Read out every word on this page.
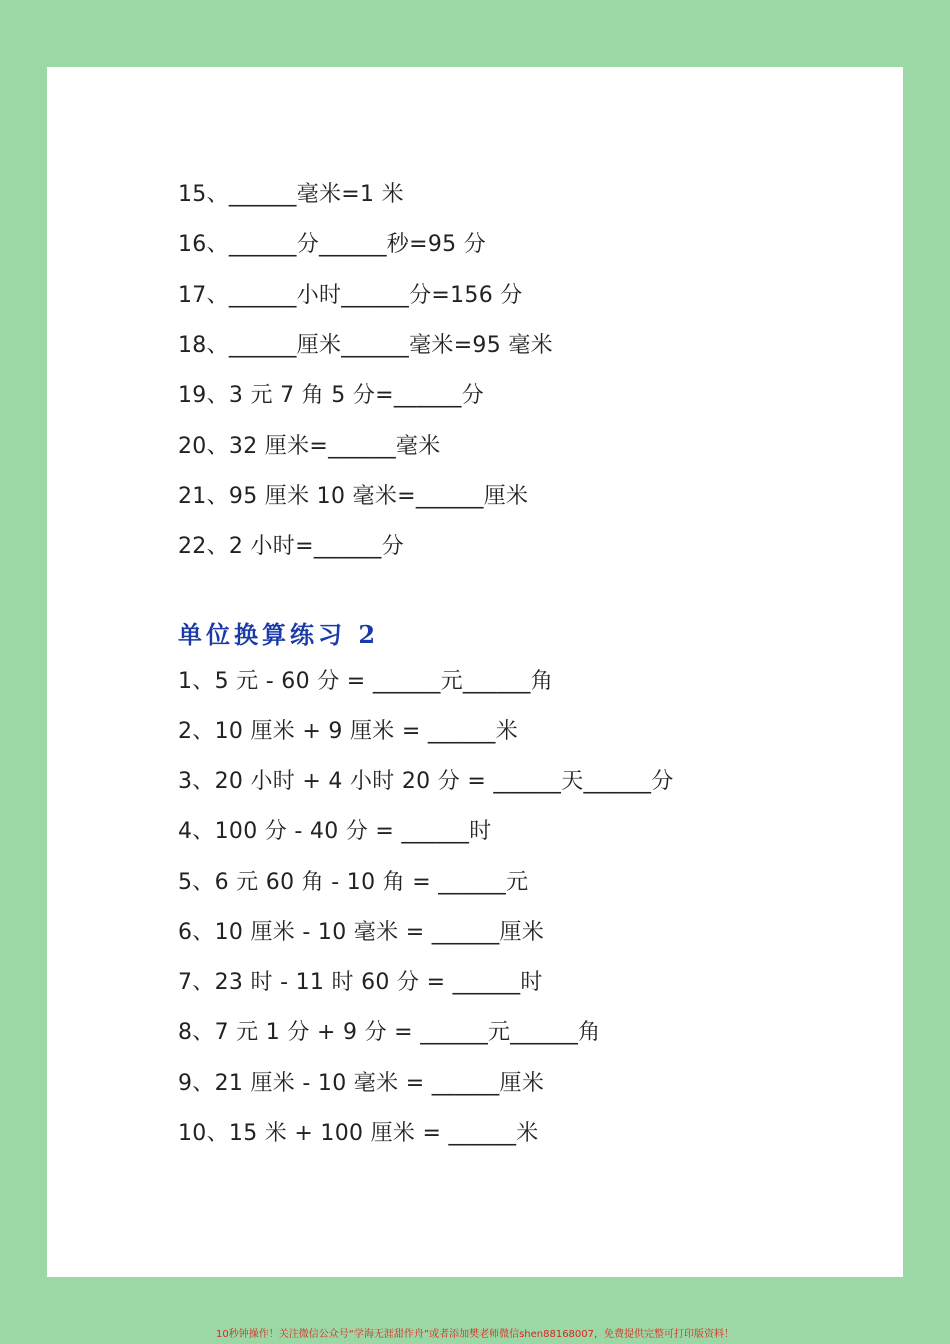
15、______毫米=1 米
16、______分______秒=95 分
17、______小时______分=156 分
18、______厘米______毫米=95 毫米
19、3 元 7 角 5 分=______分
20、32 厘米=______毫米
21、95 厘米 10 毫米=______厘米
22、2 小时=______分
单位换算练习 2
1、5 元 - 60 分 = ______元______角
2、10 厘米 + 9 厘米 = ______米
3、20 小时 + 4 小时 20 分 = ______天______分
4、100 分 - 40 分 = ______时
5、6 元 60 角 - 10 角 = ______元
6、10 厘米 - 10 毫米 = ______厘米
7、23 时 - 11 时 60 分 = ______时
8、7 元 1 分 + 9 分 = ______元______角
9、21 厘米 - 10 毫米 = ______厘米
10、15 米 + 100 厘米 = ______米
10秒钟操作！关注微信公众号“学海无涯甜作舟”或者添加樊老师微信shen88168007，免费提供完整可打印版资料！
